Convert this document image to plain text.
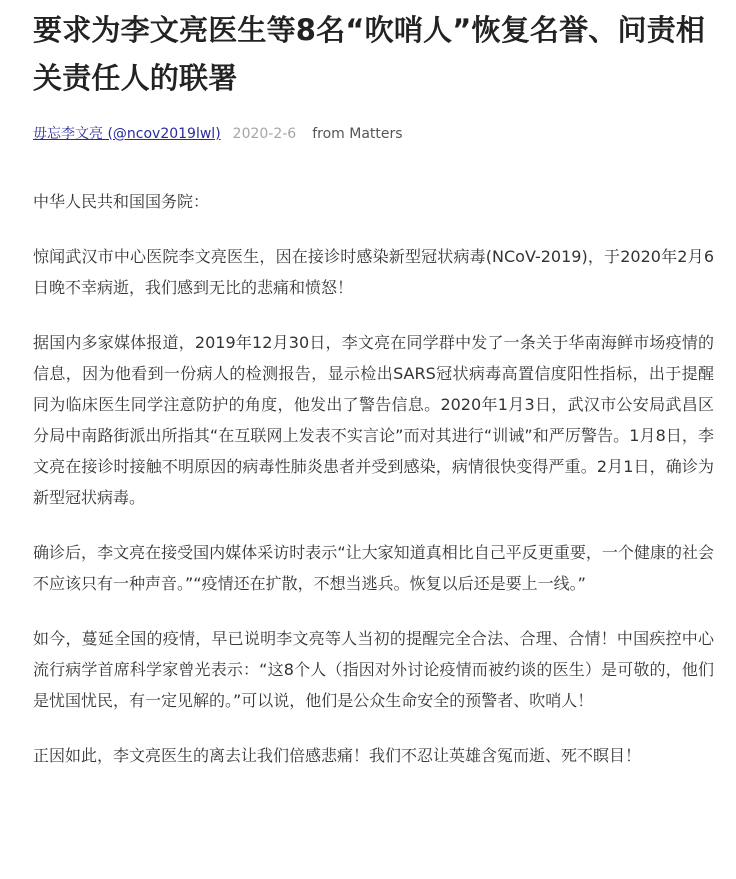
要求为李文亮医生等8名“吹哨人”恢复名誉、问责相关责任人的联署
毋忘李文亮 (@ncov2019lwl) 2020-2-6 from Matters

中华人民共和国国务院：

惊闻武汉市中心医院李文亮医生，因在接诊时感染新型冠状病毒(NCoV-2019)，于2020年2月6日晚不幸病逝，我们感到无比的悲痛和愤怒！

据国内多家媒体报道，2019年12月30日，李文亮在同学群中发了一条关于华南海鲜市场疫情的信息，因为他看到一份病人的检测报告，显示检出SARS冠状病毒高置信度阳性指标，出于提醒同为临床医生同学注意防护的角度，他发出了警告信息。2020年1月3日，武汉市公安局武昌区分局中南路街派出所指其“在互联网上发表不实言论”而对其进行“训诫”和严厉警告。1月8日，李文亮在接诊时接触不明原因的病毒性肺炎患者并受到感染，病情很快变得严重。2月1日，确诊为新型冠状病毒。

确诊后，李文亮在接受国内媒体采访时表示“让大家知道真相比自己平反更重要，一个健康的社会不应该只有一种声音。”“疫情还在扩散，不想当逃兵。恢复以后还是要上一线。”

如今，蔓延全国的疫情，早已说明李文亮等人当初的提醒完全合法、合理、合情！中国疾控中心流行病学首席科学家曾光表示：“这8个人（指因对外讨论疫情而被约谈的医生）是可敬的，他们是忧国忧民，有一定见解的。”可以说，他们是公众生命安全的预警者、吹哨人！

正因如此，李文亮医生的离去让我们倍感悲痛！我们不忍让英雄含冤而逝、死不瞑目！
